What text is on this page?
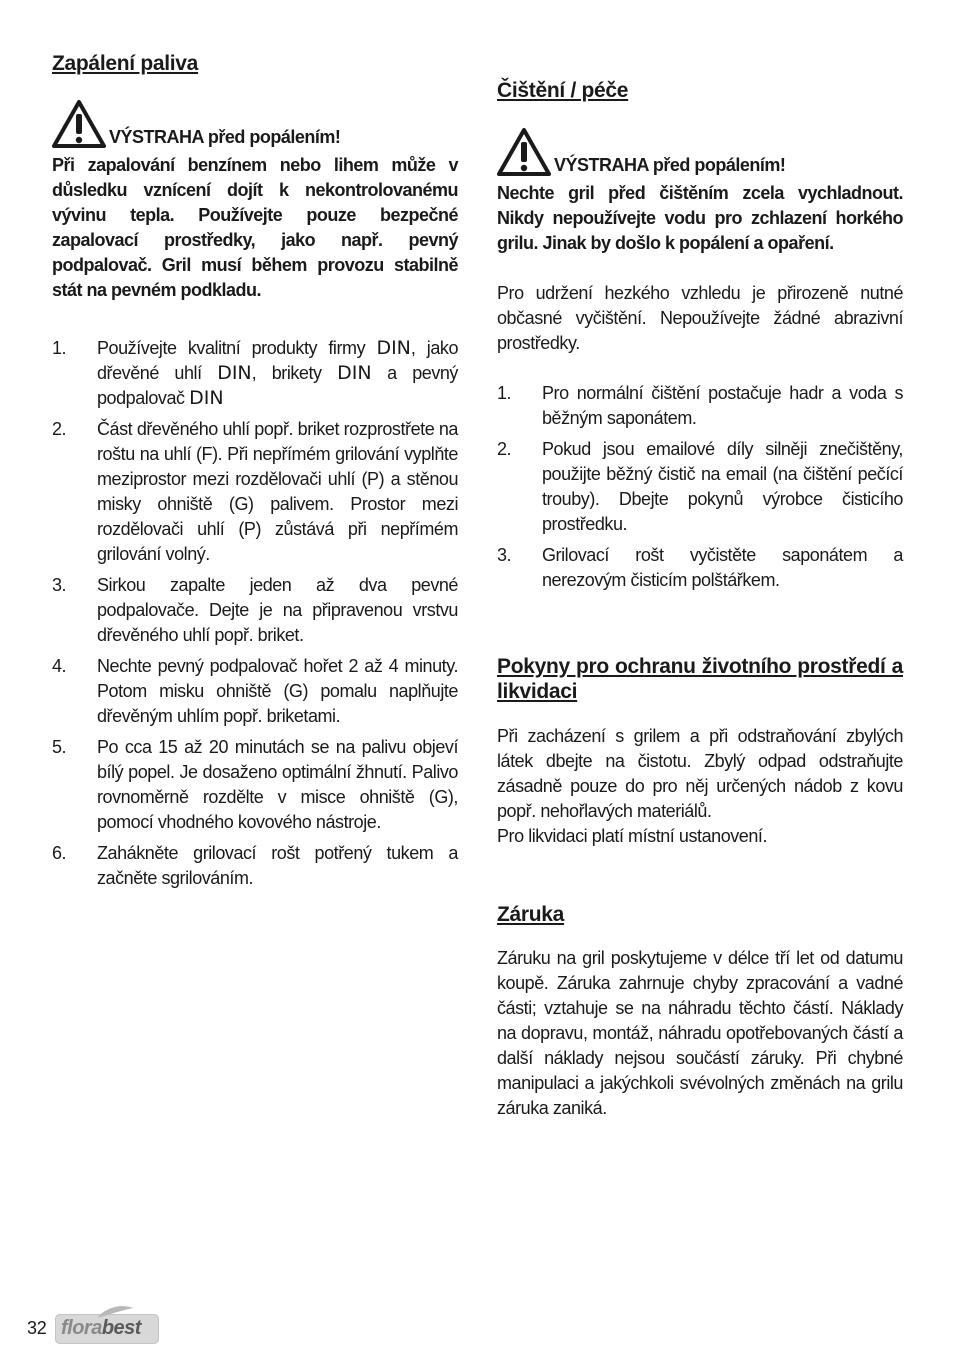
Zapálení paliva
VÝSTRAHA před popálením!

Při zapalování benzínem nebo lihem může v důsledku vznícení dojít k nekontrolovanému vývinu tepla. Používejte pouze bezpečné zapalovací prostředky, jako např. pevný podpalovač. Gril musí během provozu stabilně stát na pevném podkladu.

1. Používejte kvalitní produkty firmy DIN, jako dřevěné uhlí DIN, brikety DIN a pevný podpalovač DIN
2. Část dřevěného uhlí popř. briket rozprostřete na roštu na uhlí (F). Při nepřímém grilování vyplňte meziprostor mezi rozdělovači uhlí (P) a stěnou misky ohniště (G) palivem. Prostor mezi rozdělovači uhlí (P) zůstává při nepřímém grilování volný.
3. Sirkou zapalte jeden až dva pevné podpalovače. Dejte je na připravenou vrstvu dřevěného uhlí popř. briket.
4. Nechte pevný podpalovač hořet 2 až 4 minuty. Potom misku ohniště (G) pomalu naplňujte dřevěným uhlím popř. briketami.
5. Po cca 15 až 20 minutách se na palivu objeví bílý popel. Je dosaženo optimální žhnutí. Palivo rovnoměrně rozdělte v misce ohniště (G), pomocí vhodného kovového nástroje.
6. Zahákněte grilovací rošt potřený tukem a začněte sgrilováním.
Čištění / péče
VÝSTRAHA před popálením!

Nechte gril před čištěním zcela vychladnout. Nikdy nepoužívejte vodu pro zchlazení horkého grilu. Jinak by došlo k popálení a opaření.

Pro udržení hezkého vzhledu je přirozeně nutné občasné vyčištění. Nepoužívejte žádné abrazivní prostředky.

1. Pro normální čištění postačuje hadr a voda s běžným saponátem.
2. Pokud jsou emailové díly silněji znečištěny, použijte běžný čistič na email (na čištění pečící trouby). Dbejte pokynů výrobce čisticího prostředku.
3. Grilovací rošt vyčistěte saponátem a nerezovým čisticím polštářkem.
Pokyny pro ochranu životního prostředí a likvidaci

Při zacházení s grilem a při odstraňování zbylých látek dbejte na čistotu. Zbylý odpad odstraňujte zásadně pouze do pro něj určených nádob z kovu popř. nehořlavých materiálů.

Pro likvidaci platí místní ustanovení.

Záruka

Záruku na gril poskytujeme v délce tří let od datumu koupě. Záruka zahrnuje chyby zpracování a vadné části; vztahuje se na náhradu těchto částí. Náklady na dopravu, montáž, náhradu opotřebovaných částí a další náklady nejsou součástí záruky. Při chybné manipulaci a jakýchkoli svévolných změnách na grilu záruka zaniká.

32 florabest
